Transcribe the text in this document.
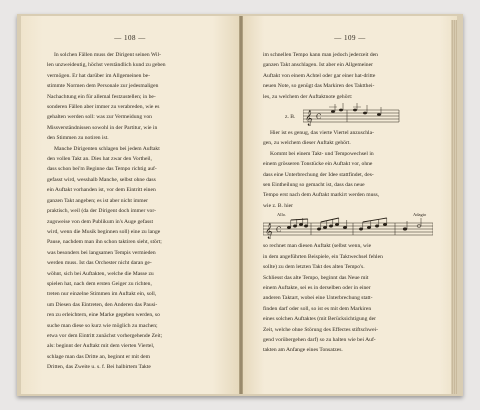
— 108 —
In solchen Fällen muss der Dirigent seinen Wil-
len unzweideutig, höchst verständlich kund zu geben
vermögen. Er hat darüber im Allgemeinen be-
stimmte Normen dem Personale zur jedesmaligen
Nachachtung ein für allemal festzustellen; in be-
sonderen Fällen aber immer zu verabreden, wie es
gehalten werden soll: was zur Vermeidung von
Missverständnissen sowohl in der Partitur, wie in
den Stimmen zu notiren ist.
Manche Dirigenten schlagen bei jedem Auftakt
den vollen Takt an. Dies hat zwar den Vortheil,
dass schon bei'm Beginne das Tempo richtig auf-
gefasst wird, wesshalb Manche, selbst ohne dass
ein Auftakt vorhanden ist, vor dem Eintritt einen
ganzen Takt angeben; es ist aber nicht immer
praktisch, weil (da der Dirigent doch immer vor-
zugsweise von dem Publikum in's Auge gefasst
wird, wenn die Musik beginnen soll) eine zu lange
Pause, nachdem man ihn schon taktiren sieht, stört;
was besonders bei langsamen Tempis vermieden
werden muss. Ist das Orchester nicht daran ge-
wöhnt, sich bei Auftakten, welche die Masse zu
spielen hat, nach dem ersten Geiger zu richten,
treten nur einzelne Stimmen im Auftakt ein, soll,
um Diesen das Eintreten, den Anderen das Pausi-
ren zu erleichtern, eine Marke gegeben werden, so
suche man diese so kurz wie möglich zu machen;
etwa vor dem Eintritt zunächst vorhergehende Zeit;
als: beginnt der Auftakt mit dem vierten Viertel,
schlage man das Dritte an, beginnt er mit dem
Dritten, das Zweite u. s. f. Bei halbirtem Takte
— 109 —
im schnellen Tempo kann man jedoch jederzeit den
ganzen Takt anschlagen. Ist aber ein Allgemeiner
Auftakt von einem Achtel oder gar einer hat-dritte
neuen Note, so genügt das Markiren des Taktthei-
les, zu welchem der Auftaktnote gehört:
z. B. 𝄞 C
Hier ist es genug, das vierte Viertel anzuschla-
gen, zu welchem dieser Auftakt gehört.
Kommt bei einem Takt- und Tempowechsel in
einem grösseren Tonstücke ein Auftakt vor, ohne
dass eine Unterbrechung der Idee stattfindet, des-
sen Eintheilung so gemacht ist, dass das neue
Tempo erst nach dem Auftakt markirt werden muss,
wie z. B. hier
Allo.	Adagio
𝄞 C
so rechnet man diesen Auftakt (selbst wenn, wie
in dem angeführten Beispiele, ein Taktwechsel fehlen
sollte) zu dem letzten Takt des alten Tempo's.
Schliesst das alte Tempo, beginnt das Neue mit
einem Auftakte, sei es in derselben oder in einer
anderen Taktart, wobei eine Unterbrechung statt-
finden darf oder soll, so ist es mit dem Markiren
eines solchen Auftaktes (mit Berücksichtigung der
Zeit, welche ohne Störung des Effectes stiftschwei-
gend vorübergehen darf) so zu halten wie bei Auf-
takten am Anfange eines Tonsatzes.
